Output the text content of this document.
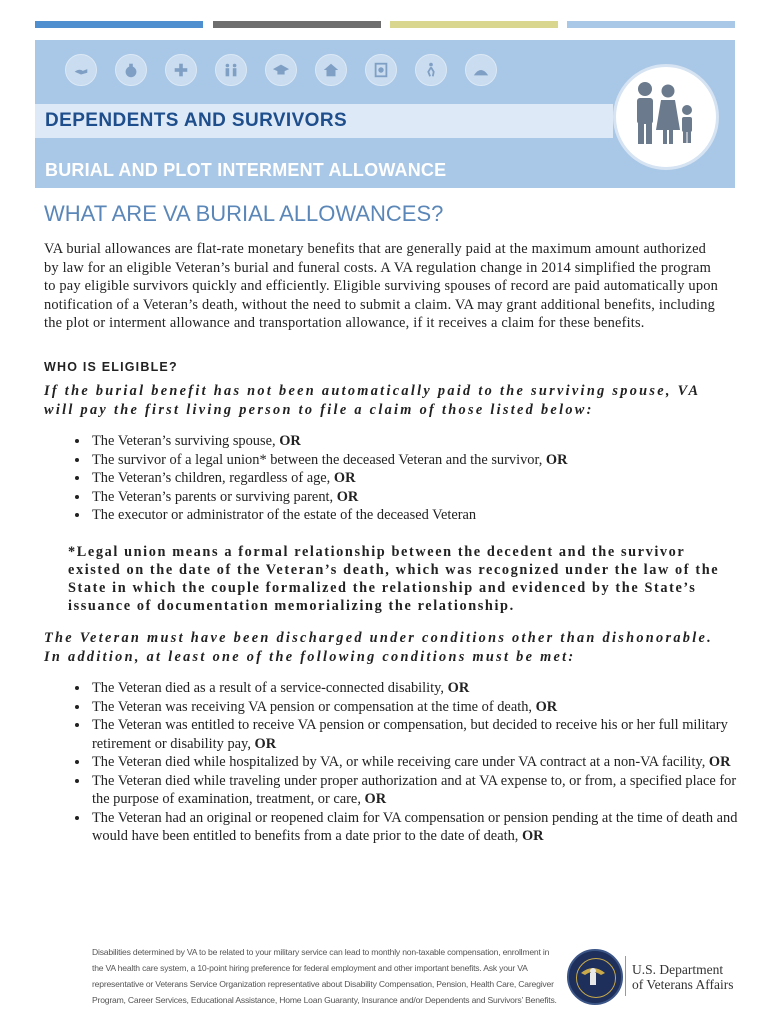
DEPENDENTS AND SURVIVORS
BURIAL AND PLOT INTERMENT ALLOWANCE
WHAT ARE VA BURIAL ALLOWANCES?

VA burial allowances are flat-rate monetary benefits that are generally paid at the maximum amount authorized by law for an eligible Veteran’s burial and funeral costs. A VA regulation change in 2014 simplified the program to pay eligible survivors quickly and efficiently. Eligible surviving spouses of record are paid automatically upon notification of a Veteran’s death, without the need to submit a claim. VA may grant additional benefits, including the plot or interment allowance and transportation allowance, if it receives a claim for these benefits.

WHO IS ELIGIBLE?

If the burial benefit has not been automatically paid to the surviving spouse, VA will pay the first living person to file a claim of those listed below:

• The Veteran’s surviving spouse, OR
• The survivor of a legal union* between the deceased Veteran and the survivor, OR
• The Veteran’s children, regardless of age, OR
• The Veteran’s parents or surviving parent, OR
• The executor or administrator of the estate of the deceased Veteran

*Legal union means a formal relationship between the decedent and the survivor existed on the date of the Veteran’s death, which was recognized under the law of the State in which the couple formalized the relationship and evidenced by the State’s issuance of documentation memorializing the relationship.

The Veteran must have been discharged under conditions other than dishonorable. In addition, at least one of the following conditions must be met:

• The Veteran died as a result of a service-connected disability, OR
• The Veteran was receiving VA pension or compensation at the time of death, OR
• The Veteran was entitled to receive VA pension or compensation, but decided to receive his or her full military retirement or disability pay, OR
• The Veteran died while hospitalized by VA, or while receiving care under VA contract at a non-VA facility, OR
• The Veteran died while traveling under proper authorization and at VA expense to, or from, a specified place for the purpose of examination, treatment, or care, OR
• The Veteran had an original or reopened claim for VA compensation or pension pending at the time of death and would have been entitled to benefits from a date prior to the date of death, OR

Disabilities determined by VA to be related to your military service can lead to monthly non-taxable compensation, enrollment in the VA health care system, a 10-point hiring preference for federal employment and other important benefits. Ask your VA representative or Veterans Service Organization representative about Disability Compensation, Pension, Health Care, Caregiver Program, Career Services, Educational Assistance, Home Loan Guaranty, Insurance and/or Dependents and Survivors’ Benefits.

U.S. Department
of Veterans Affairs
